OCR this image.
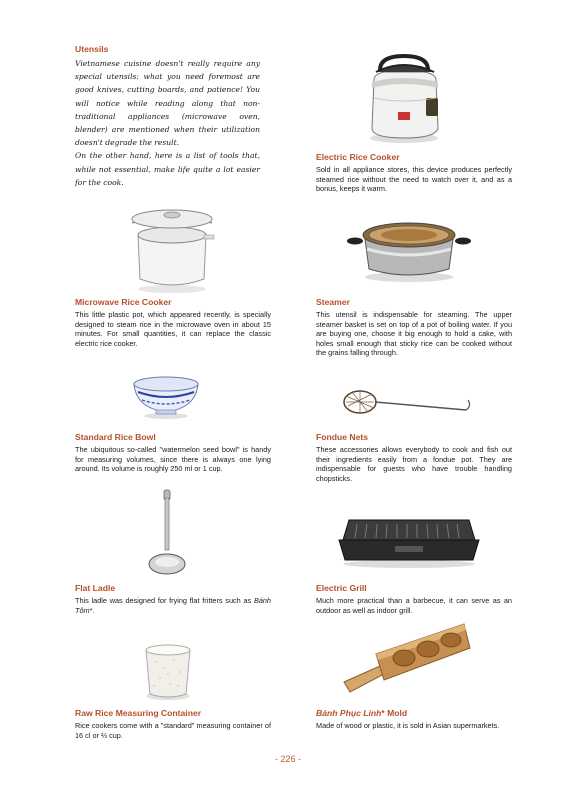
Utensils

Vietnamese cuisine doesn't really require any special utensils: what you need foremost are good knives, cutting boards, and patience! You will notice while reading along that non-traditional appliances (microwave oven, blender) are mentioned when their utilization doesn't degrade the result.

On the other hand, here is a list of tools that, while not essential, make life quite a lot easier for the cook.

Electric Rice Cooker

Sold in all appliance stores, this device produces perfectly steamed rice without the need to watch over it, and as a bonus, keeps it warm.

Microwave Rice Cooker

This little plastic pot, which appeared recently, is specially designed to steam rice in the microwave oven in about 15 minutes. For small quantities, it can replace the classic electric rice cooker.

Steamer

This utensil is indispensable for steaming. The upper steamer basket is set on top of a pot of boiling water. If you are buying one, choose it big enough to hold a cake, with holes small enough that sticky rice can be cooked without the grains falling through.

Standard Rice Bowl

The ubiquitous so-called "watermelon seed bowl" is handy for measuring volumes, since there is always one lying around. Its volume is roughly 250 ml or 1 cup.

Fondue Nets

These accessories allows everybody to cook and fish out their ingredients easily from a fondue pot. They are indispensable for guests who have trouble handling chopsticks.

Flat Ladle

This ladle was designed for frying flat fritters such as Bánh Tôm*.

Electric Grill

Much more practical than a barbecue, it can serve as an outdoor as well as indoor grill.

Raw Rice Measuring Container

Rice cookers come with a "standard" measuring container of 16 cl or ⅔ cup.

Bánh Phục Linh* Mold

Made of wood or plastic, it is sold in Asian supermarkets.

- 226 -
